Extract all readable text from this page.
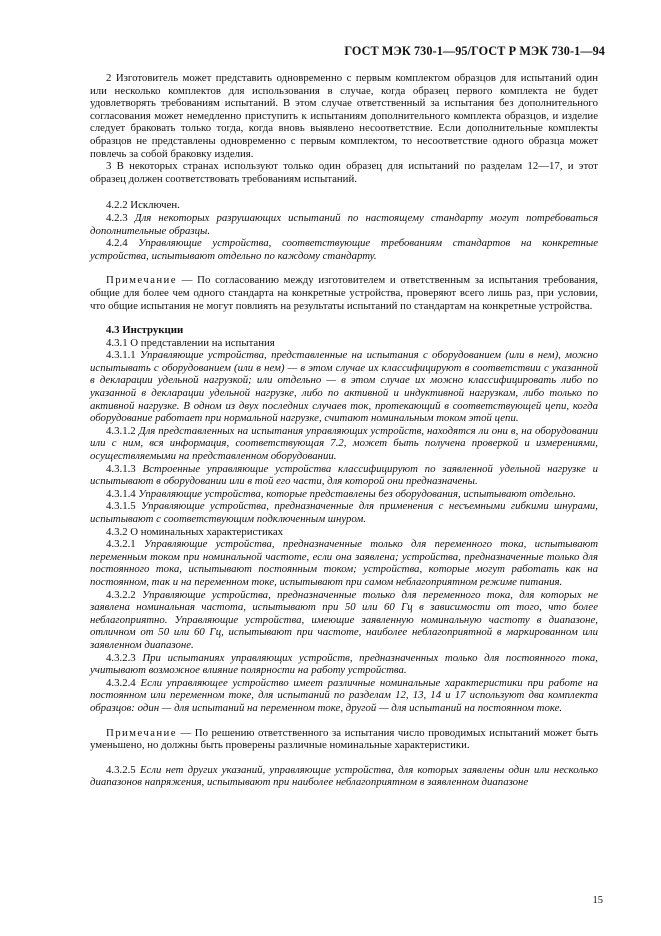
ГОСТ МЭК 730-1—95/ГОСТ Р МЭК 730-1—94

2 Изготовитель может представить одновременно с первым комплектом образцов для испытаний один или несколько комплектов для использования в случае, когда образец первого комплекта не будет удовлетворять требованиям испытаний. В этом случае ответственный за испытания без дополнительного согласования может немедленно приступить к испытаниям дополнительного комплекта образцов, и изделие следует браковать только тогда, когда вновь выявлено несоответствие. Если дополнительные комплекты образцов не представлены одновременно с первым комплектом, то несоответствие одного образца может повлечь за собой браковку изделия.

3 В некоторых странах используют только один образец для испытаний по разделам 12—17, и этот образец должен соответствовать требованиям испытаний.

4.2.2 Исключен.

4.2.3 Для некоторых разрушающих испытаний по настоящему стандарту могут потребоваться дополнительные образцы.

4.2.4 Управляющие устройства, соответствующие требованиям стандартов на конкретные устройства, испытывают отдельно по каждому стандарту.

Примечание — По согласованию между изготовителем и ответственным за испытания требования, общие для более чем одного стандарта на конкретные устройства, проверяют всего лишь раз, при условии, что общие испытания не могут повлиять на результаты испытаний по стандартам на конкретные устройства.

4.3 Инструкции

4.3.1 О представлении на испытания

4.3.1.1 Управляющие устройства, представленные на испытания с оборудованием (или в нем), можно испытывать с оборудованием (или в нем) — в этом случае их классифицируют в соответствии с указанной в декларации удельной нагрузкой; или отдельно — в этом случае их можно классифицировать либо по указанной в декларации удельной нагрузке, либо по активной и индуктивной нагрузкам, либо только по активной нагрузке. В одном из двух последних случаев ток, протекающий в соответствующей цепи, когда оборудование работает при нормальной нагрузке, считают номинальным током этой цепи.

4.3.1.2 Для представленных на испытания управляющих устройств, находятся ли они в, на оборудовании или с ним, вся информация, соответствующая 7.2, может быть получена проверкой и измерениями, осуществляемыми на представленном оборудовании.

4.3.1.3 Встроенные управляющие устройства классифицируют по заявленной удельной нагрузке и испытывают в оборудовании или в той его части, для которой они предназначены.

4.3.1.4 Управляющие устройства, которые представлены без оборудования, испытывают отдельно.

4.3.1.5 Управляющие устройства, предназначенные для применения с несъемными гибкими шнурами, испытывают с соответствующим подключенным шнуром.

4.3.2 О номинальных характеристиках

4.3.2.1 Управляющие устройства, предназначенные только для переменного тока, испытывают переменным током при номинальной частоте, если она заявлена; устройства, предназначенные только для постоянного тока, испытывают постоянным током; устройства, которые могут работать как на постоянном, так и на переменном токе, испытывают при самом неблагоприятном режиме питания.

4.3.2.2 Управляющие устройства, предназначенные только для переменного тока, для которых не заявлена номинальная частота, испытывают при 50 или 60 Гц в зависимости от того, что более неблагоприятно. Управляющие устройства, имеющие заявленную номинальную частоту в диапазоне, отличном от 50 или 60 Гц, испытывают при частоте, наиболее неблагоприятной в маркированном или заявленном диапазоне.

4.3.2.3 При испытаниях управляющих устройств, предназначенных только для постоянного тока, учитывают возможное влияние полярности на работу устройства.

4.3.2.4 Если управляющее устройство имеет различные номинальные характеристики при работе на постоянном или переменном токе, для испытаний по разделам 12, 13, 14 и 17 используют два комплекта образцов: один — для испытаний на переменном токе, другой — для испытаний на постоянном токе.

Примечание — По решению ответственного за испытания число проводимых испытаний может быть уменьшено, но должны быть проверены различные номинальные характеристики.

4.3.2.5 Если нет других указаний, управляющие устройства, для которых заявлены один или несколько диапазонов напряжения, испытывают при наиболее неблагоприятном в заявленном диапазоне

15
